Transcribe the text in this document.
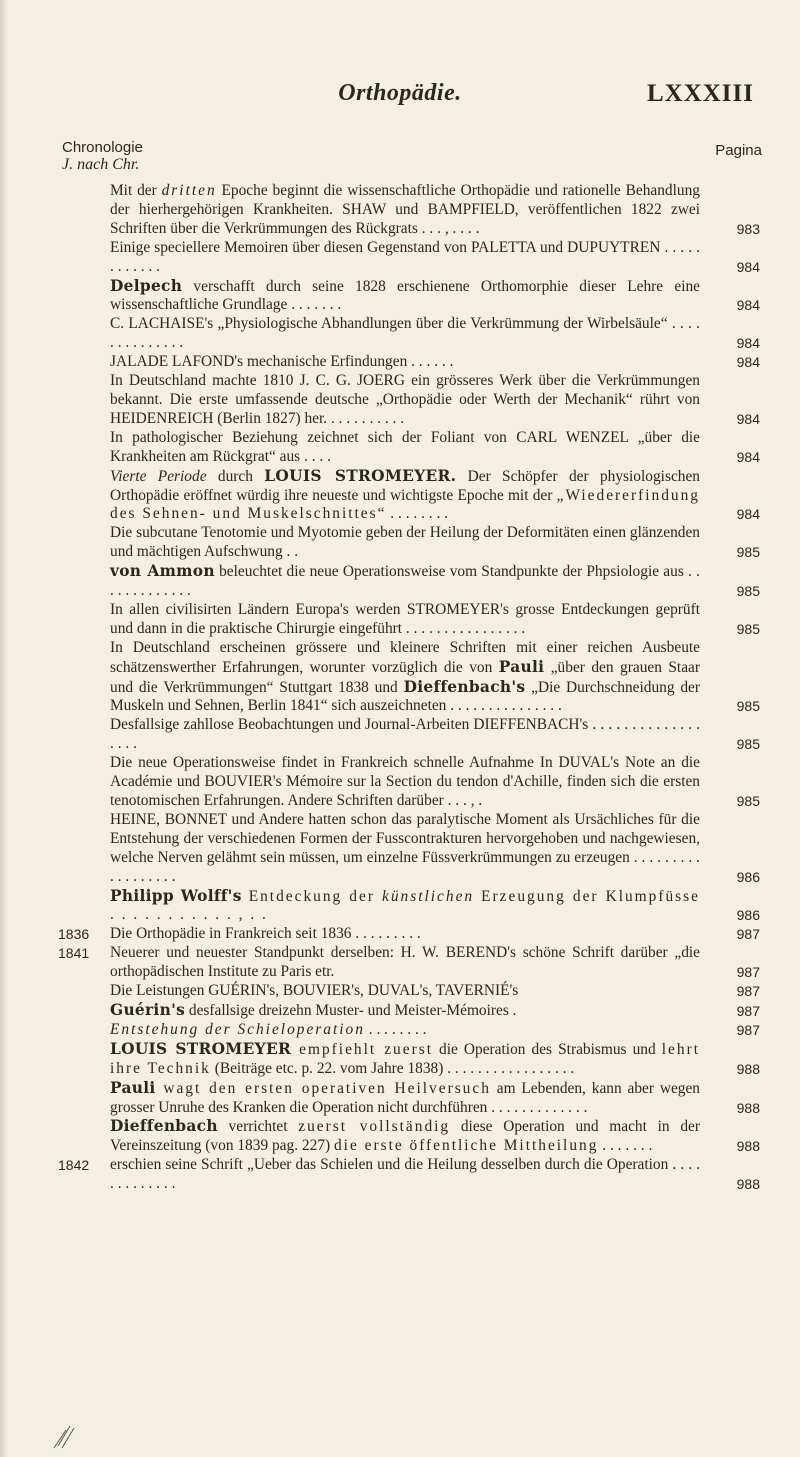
Orthopädie.	LXXXIII
Chronologie
J. nach Chr.
Pagina
Mit der dritten Epoche beginnt die wissenschaftliche Orthopädie und rationelle Behandlung der hierhergehörigen Krankheiten. SHAW und BAMPFIELD, veröffentlichen 1822 zwei Schriften über die Verkrümmungen des Rückgrats . . . , . . . .	983
Einige speciellere Memoiren über diesen Gegenstand von PALETTA und DUPUYTREN . . . . . . . . . . . .	984
Delpech verschafft durch seine 1828 erschienene Orthomorphie dieser Lehre eine wissenschaftliche Grundlage . . . . . . .	984
C. LACHAISE's „Physiologische Abhandlungen über die Verkrümmung der Wirbelsäule“ . . . . . . . . . . . . . .	984
JALADE LAFOND's mechanische Erfindungen . . . . . .	984
In Deutschland machte 1810 J. C. G. JOERG ein grösseres Werk über die Verkrümmungen bekannt. Die erste umfassende deutsche „Orthopädie oder Werth der Mechanik“ rührt von HEIDENREICH (Berlin 1827) her. . . . . . . . . . .	984
In pathologischer Beziehung zeichnet sich der Foliant von CARL WENZEL „über die Krankheiten am Rückgrat“ aus . . . .	984
Vierte Periode durch LOUIS STROMEYER. Der Schöpfer der physiologischen Orthopädie eröffnet würdig ihre neueste und wichtigste Epoche mit der „Wiedererfindung des Sehnen- und Muskelschnittes“ . . . . . . . .	984
Die subcutane Tenotomie und Myotomie geben der Heilung der Deformitäten einen glänzenden und mächtigen Aufschwung . .	985
von Ammon beleuchtet die neue Operationsweise vom Standpunkte der Phpsiologie aus . . . . . . . . . . . . .	985
In allen civilisirten Ländern Europa's werden STROMEYER's grosse Entdeckungen geprüft und dann in die praktische Chirurgie eingeführt . . . . . . . . . . . . . . . .	985
In Deutschland erscheinen grössere und kleinere Schriften mit einer reichen Ausbeute schätzenswerther Erfahrungen, worunter vorzüglich die von Pauli „über den grauen Staar und die Verkrümmungen“ Stuttgart 1838 und Dieffenbach's „Die Durchschneidung der Muskeln und Sehnen, Berlin 1841“ sich auszeichneten . . . . . . . . . . . . . . .	985
Desfallsige zahllose Beobachtungen und Journal-Arbeiten DIEFFENBACH's . . . . . . . . . . . . . . . . . .	985
Die neue Operationsweise findet in Frankreich schnelle Aufnahme In DUVAL's Note an die Académie und BOUVIER's Mémoire sur la Section du tendon d'Achille, finden sich die ersten tenotomischen Erfahrungen. Andere Schriften darüber . . . , .	985
HEINE, BONNET und Andere hatten schon das paralytische Moment als Ursächliches für die Entstehung der verschiedenen Formen der Fusscontrakturen hervorgehoben und nachgewiesen, welche Nerven gelähmt sein müssen, um einzelne Füssverkrümmungen zu erzeugen . . . . . . . . . . . . . . . . . .	986
Philipp Wolff's Entdeckung der künstlichen Erzeugung der Klumpfüsse . . . . . . . . . . . , . .	986
1836 Die Orthopädie in Frankreich seit 1836 . . . . . . . . .	987
1841 Neuerer und neuester Standpunkt derselben: H. W. BEREND's schöne Schrift darüber „die orthopädischen Institute zu Paris etr.	987
Die Leistungen GUÉRIN's, BOUVIER's, DUVAL's, TAVERNIÉ's	987
Guérin's desfallsige dreizehn Muster- und Meister-Mémoires .	987
Entstehung der Schieloperation . . . . . . . .	987
LOUIS STROMEYER empfiehlt zuerst die Operation des Strabismus und lehrt ihre Technik (Beiträge etc. p. 22. vom Jahre 1838) . . . . . . . . . . . . . . . . .	988
Pauli wagt den ersten operativen Heilversuch am Lebenden, kann aber wegen grosser Unruhe des Kranken die Operation nicht durchführen . . . . . . . . . . . . .	988
Dieffenbach verrichtet zuerst vollständig diese Operation und macht in der Vereinszeitung (von 1839 pag. 227) die erste öffentliche Mittheilung . . . . . . .	988
1842 erschien seine Schrift „Ueber das Schielen und die Heilung desselben durch die Operation . . . . . . . . . . . . .	988
